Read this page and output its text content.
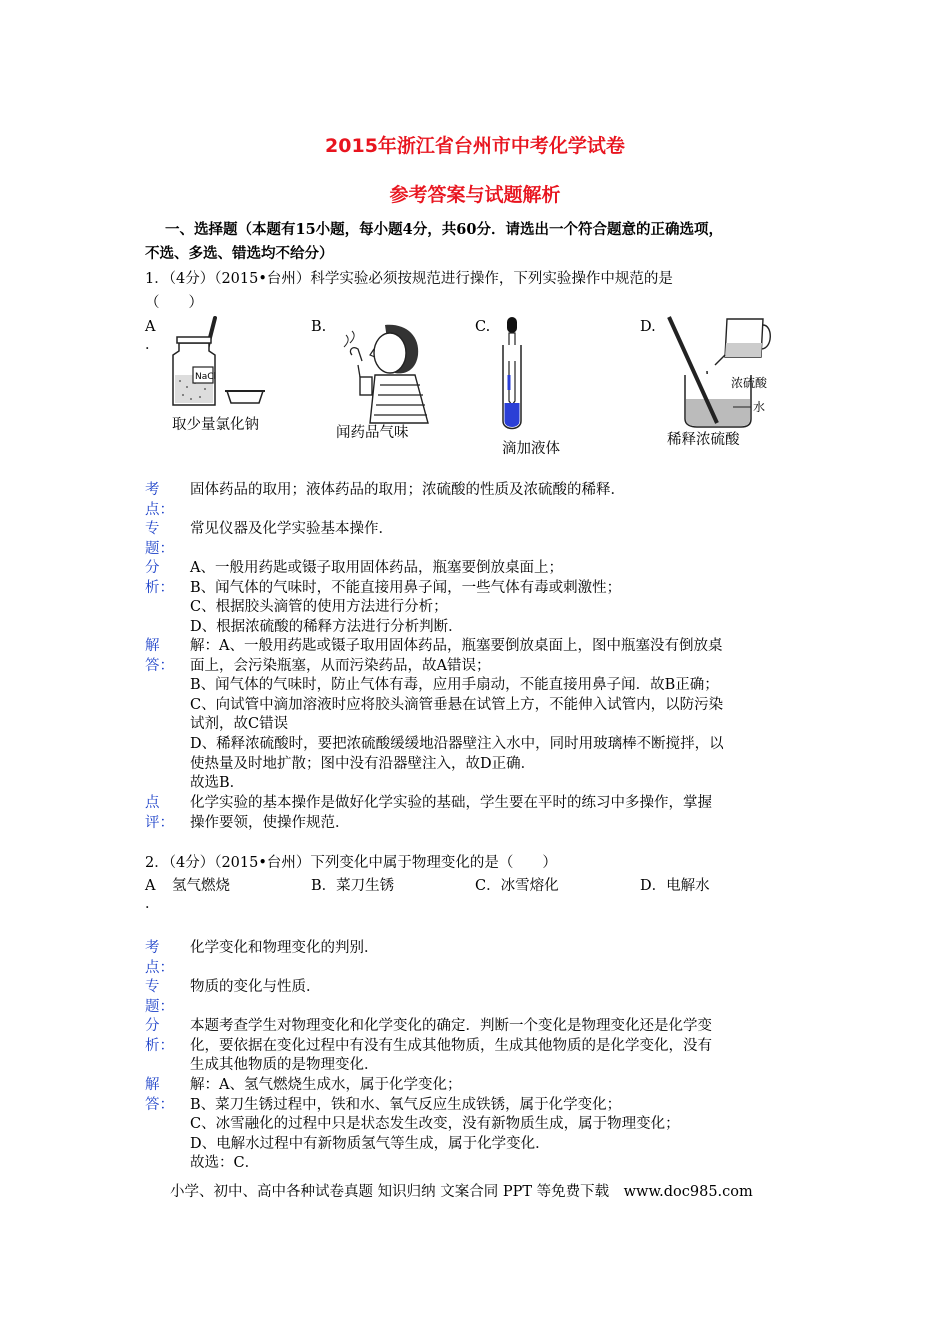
2015年浙江省台州市中考化学试卷
参考答案与试题解析
一、选择题（本题有15小题，每小题4分，共60分．请选出一个符合题意的正确选项，
不选、多选、错选均不给分）
1．（4分）（2015•台州）科学实验必须按规范进行操作，下列实验操作中规范的是
（　　）
A
．
B.	C.	D.
NaCl
取少量氯化钠	闻药品气味
滴加液体
浓硫酸
水
稀释浓硫酸
考
点：
固体药品的取用；液体药品的取用；浓硫酸的性质及浓硫酸的稀释．
专
题：
常见仪器及化学实验基本操作．
分
析：
A、一般用药匙或镊子取用固体药品，瓶塞要倒放桌面上；
B、闻气体的气味时，不能直接用鼻子闻，一些气体有毒或刺激性；
C、根据胶头滴管的使用方法进行分析；
D、根据浓硫酸的稀释方法进行分析判断．
解
答：
解：A、一般用药匙或镊子取用固体药品，瓶塞要倒放桌面上，图中瓶塞没有倒放桌
面上，会污染瓶塞，从而污染药品，故A错误；
B、闻气体的气味时，防止气体有毒，应用手扇动，不能直接用鼻子闻．故B正确；
C、向试管中滴加溶液时应将胶头滴管垂悬在试管上方，不能伸入试管内，以防污染
试剂，故C错误
D、稀释浓硫酸时，要把浓硫酸缓缓地沿器壁注入水中，同时用玻璃棒不断搅拌，以
使热量及时地扩散；图中没有沿器壁注入，故D正确．
故选B．
点
评：
化学实验的基本操作是做好化学实验的基础，学生要在平时的练习中多操作，掌握
操作要领，使操作规范．
2．（4分）（2015•台州）下列变化中属于物理变化的是（　　）
A
．
氢气燃烧	B．菜刀生锈	C．冰雪熔化	D．电解水
考
点：
化学变化和物理变化的判别．
专
题：
物质的变化与性质．
分
析：
本题考查学生对物理变化和化学变化的确定．判断一个变化是物理变化还是化学变
化，要依据在变化过程中有没有生成其他物质，生成其他物质的是化学变化，没有
生成其他物质的是物理变化．
解
答：
解：A、氢气燃烧生成水，属于化学变化；
B、菜刀生锈过程中，铁和水、氧气反应生成铁锈，属于化学变化；
C、冰雪融化的过程中只是状态发生改变，没有新物质生成，属于物理变化；
D、电解水过程中有新物质氢气等生成，属于化学变化．
故选：C．
小学、初中、高中各种试卷真题 知识归纳 文案合同 PPT 等免费下载　www.doc985.com
